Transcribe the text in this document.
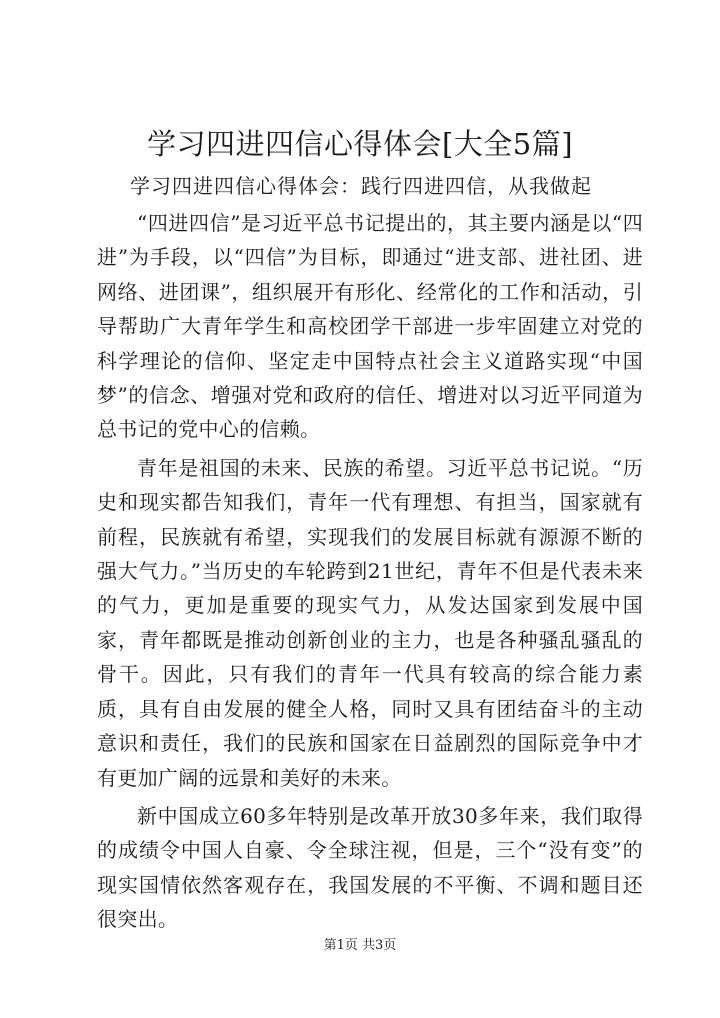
学习四进四信心得体会[大全5篇]

学习四进四信心得体会：践行四进四信，从我做起

“四进四信”是习近平总书记提出的，其主要内涵是以“四进”为手段，以“四信”为目标，即通过“进支部、进社团、进网络、进团课”，组织展开有形化、经常化的工作和活动，引导帮助广大青年学生和高校团学干部进一步牢固建立对党的科学理论的信仰、坚定走中国特点社会主义道路实现“中国梦”的信念、增强对党和政府的信任、增进对以习近平同道为总书记的党中心的信赖。

青年是祖国的未来、民族的希望。习近平总书记说。“历史和现实都告知我们，青年一代有理想、有担当，国家就有前程，民族就有希望，实现我们的发展目标就有源源不断的强大气力。”当历史的车轮跨到21世纪，青年不但是代表未来的气力，更加是重要的现实气力，从发达国家到发展中国家，青年都既是推动创新创业的主力，也是各种骚乱骚乱的骨干。因此，只有我们的青年一代具有较高的综合能力素质，具有自由发展的健全人格，同时又具有团结奋斗的主动意识和责任，我们的民族和国家在日益剧烈的国际竞争中才有更加广阔的远景和美好的未来。

新中国成立60多年特别是改革开放30多年来，我们取得的成绩令中国人自豪、令全球注视，但是，三个“没有变”的现实国情依然客观存在，我国发展的不平衡、不调和题目还很突出。

第1页 共3页
